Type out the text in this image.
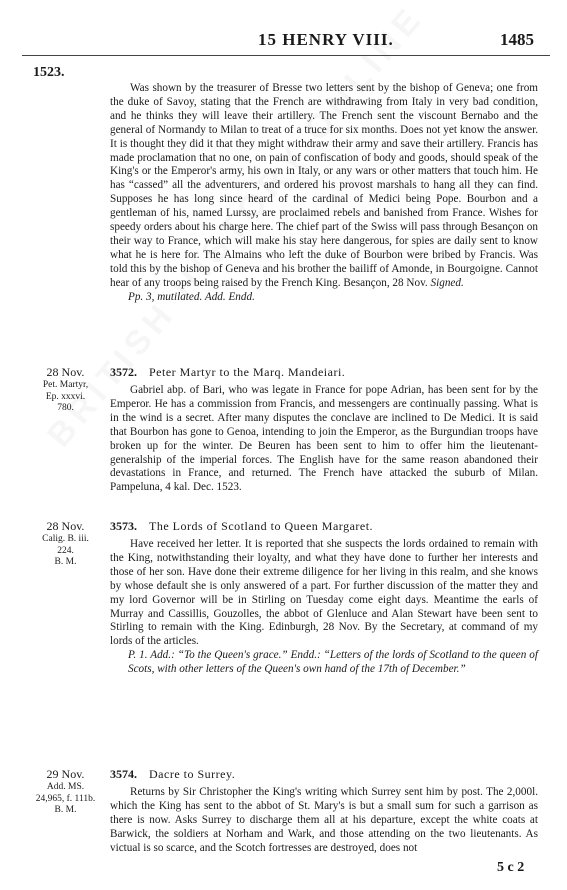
15 HENRY VIII.	1485
1523.

Was shown by the treasurer of Bresse two letters sent by the bishop of Geneva; one from the duke of Savoy, stating that the French are withdrawing from Italy in very bad condition, and he thinks they will leave their artillery. The French sent the viscount Bernabo and the general of Normandy to Milan to treat of a truce for six months. Does not yet know the answer. It is thought they did it that they might withdraw their army and save their artillery. Francis has made proclamation that no one, on pain of confiscation of body and goods, should speak of the King's or the Emperor's army, his own in Italy, or any wars or other matters that touch him. He has “cassed” all the adventurers, and ordered his provost marshals to hang all they can find. Supposes he has long since heard of the cardinal of Medici being Pope. Bourbon and a gentleman of his, named Lurssy, are proclaimed rebels and banished from France. Wishes for speedy orders about his charge here. The chief part of the Swiss will pass through Besançon on their way to France, which will make his stay here dangerous, for spies are daily sent to know what he is here for. The Almains who left the duke of Bourbon were bribed by Francis. Was told this by the bishop of Geneva and his brother the bailiff of Amonde, in Bourgoigne. Cannot hear of any troops being raised by the French King. Besançon, 28 Nov. Signed.

Pp. 3, mutilated. Add. Endd.

28 Nov.
Pet. Martyr,
Ep. xxxvi.
780.
3572. Peter Martyr to the Marq. Mandeiari.

Gabriel abp. of Bari, who was legate in France for pope Adrian, has been sent for by the Emperor. He has a commission from Francis, and messengers are continually passing. What is in the wind is a secret. After many disputes the conclave are inclined to De Medici. It is said that Bourbon has gone to Genoa, intending to join the Emperor, as the Burgundian troops have broken up for the winter. De Beuren has been sent to him to offer him the lieutenant-generalship of the imperial forces. The English have for the same reason abandoned their devastations in France, and returned. The French have attacked the suburb of Milan. Pampeluna, 4 kal. Dec. 1523.

28 Nov.
Calig. B. iii.
224.
B. M.
3573. The Lords of Scotland to Queen Margaret.

Have received her letter. It is reported that she suspects the lords ordained to remain with the King, notwithstanding their loyalty, and what they have done to further her interests and those of her son. Have done their extreme diligence for her living in this realm, and she knows by whose default she is only answered of a part. For further discussion of the matter they and my lord Governor will be in Stirling on Tuesday come eight days. Meantime the earls of Murray and Cassillis, Gouzolles, the abbot of Glenluce and Alan Stewart have been sent to Stirling to remain with the King. Edinburgh, 28 Nov. By the Secretary, at command of my lords of the articles.

P. 1. Add.: “To the Queen's grace.” Endd.: “Letters of the lords of Scotland to the queen of Scots, with other letters of the Queen's own hand of the 17th of December.”

29 Nov.
Add. MS.
24,965, f. 111b.
B. M.
3574. Dacre to Surrey.

Returns by Sir Christopher the King's writing which Surrey sent him by post. The 2,000l. which the King has sent to the abbot of St. Mary's is but a small sum for such a garrison as there is now. Asks Surrey to discharge them all at his departure, except the white coats at Barwick, the soldiers at Norham and Wark, and those attending on the two lieutenants. As victual is so scarce, and the Scotch fortresses are destroyed, does not

5 c 2
